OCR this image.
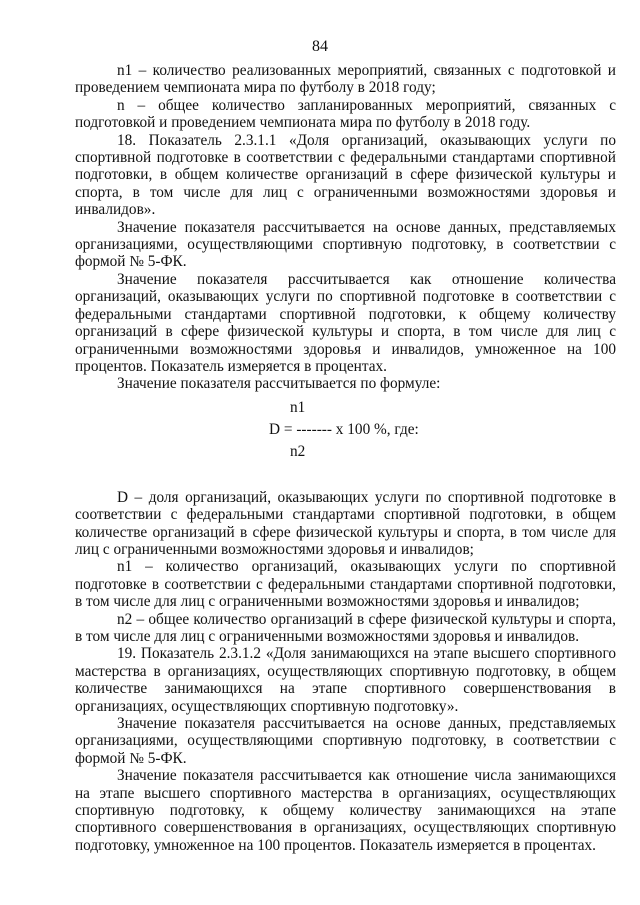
84

n1 – количество реализованных мероприятий, связанных с подготовкой и проведением чемпионата мира по футболу в 2018 году;

n – общее количество запланированных мероприятий, связанных с подготовкой и проведением чемпионата мира по футболу в 2018 году.

18. Показатель 2.3.1.1 «Доля организаций, оказывающих услуги по спортивной подготовке в соответствии с федеральными стандартами спортивной подготовки, в общем количестве организаций в сфере физической культуры и спорта, в том числе для лиц с ограниченными возможностями здоровья и инвалидов».

Значение показателя рассчитывается на основе данных, представляемых организациями, осуществляющими спортивную подготовку, в соответствии с формой № 5-ФК.

Значение показателя рассчитывается как отношение количества организаций, оказывающих услуги по спортивной подготовке в соответствии с федеральными стандартами спортивной подготовки, к общему количеству организаций в сфере физической культуры и спорта, в том числе для лиц с ограниченными возможностями здоровья и инвалидов, умноженное на 100 процентов. Показатель измеряется в процентах.

Значение показателя рассчитывается по формуле:

n1
D = ------- x 100 %, где:
n2

D – доля организаций, оказывающих услуги по спортивной подготовке в соответствии с федеральными стандартами спортивной подготовки, в общем количестве организаций в сфере физической культуры и спорта, в том числе для лиц с ограниченными возможностями здоровья и инвалидов;

n1 – количество организаций, оказывающих услуги по спортивной подготовке в соответствии с федеральными стандартами спортивной подготовки, в том числе для лиц с ограниченными возможностями здоровья и инвалидов;

n2 – общее количество организаций в сфере физической культуры и спорта, в том числе для лиц с ограниченными возможностями здоровья и инвалидов.

19. Показатель 2.3.1.2 «Доля занимающихся на этапе высшего спортивного мастерства в организациях, осуществляющих спортивную подготовку, в общем количестве занимающихся на этапе спортивного совершенствования в организациях, осуществляющих спортивную подготовку».

Значение показателя рассчитывается на основе данных, представляемых организациями, осуществляющими спортивную подготовку, в соответствии с формой № 5-ФК.

Значение показателя рассчитывается как отношение числа занимающихся на этапе высшего спортивного мастерства в организациях, осуществляющих спортивную подготовку, к общему количеству занимающихся на этапе спортивного совершенствования в организациях, осуществляющих спортивную подготовку, умноженное на 100 процентов. Показатель измеряется в процентах.
